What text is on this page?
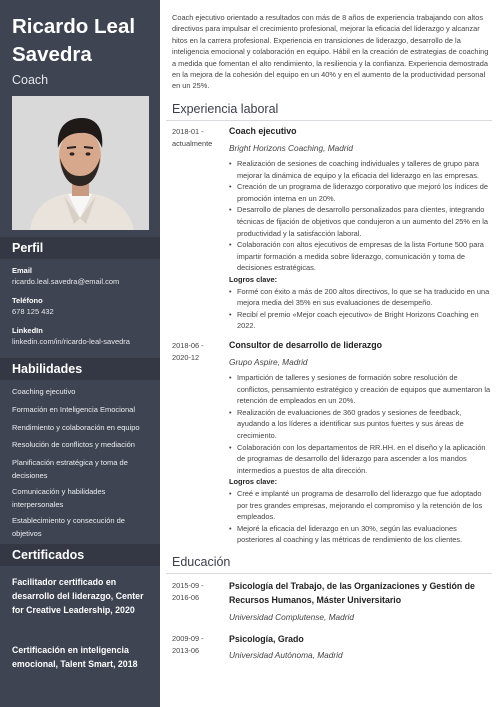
Ricardo Leal Savedra
Coach
Perfil
Email
ricardo.leal.savedra@email.com
Teléfono
678 125 432
LinkedIn
linkedin.com/in/ricardo-leal-savedra
Habilidades
Coaching ejecutivo
Formación en Inteligencia Emocional
Rendimiento y colaboración en equipo
Resolución de conflictos y mediación
Planificación estratégica y toma de decisiones
Comunicación y habilidades interpersonales
Establecimiento y consecución de objetivos
Certificados
Facilitador certificado en desarrollo del liderazgo, Center for Creative Leadership, 2020
Certificación en inteligencia emocional, Talent Smart, 2018
Coach ejecutivo orientado a resultados con más de 8 años de experiencia trabajando con altos directivos para impulsar el crecimiento profesional, mejorar la eficacia del liderazgo y alcanzar hitos en la carrera profesional. Experiencia en transiciones de liderazgo, desarrollo de la inteligencia emocional y colaboración en equipo. Hábil en la creación de estrategias de coaching a medida que fomentan el alto rendimiento, la resiliencia y la confianza. Experiencia demostrada en la mejora de la cohesión del equipo en un 40% y en el aumento de la productividad personal en un 25%.
Experiencia laboral
2018-01 - actualmente
Coach ejecutivo
Bright Horizons Coaching, Madrid
• Realización de sesiones de coaching individuales y talleres de grupo para mejorar la dinámica de equipo y la eficacia del liderazgo en las empresas.
• Creación de un programa de liderazgo corporativo que mejoró los índices de promoción interna en un 20%.
• Desarrollo de planes de desarrollo personalizados para clientes, integrando técnicas de fijación de objetivos que condujeron a un aumento del 25% en la productividad y la satisfacción laboral.
• Colaboración con altos ejecutivos de empresas de la lista Fortune 500 para impartir formación a medida sobre liderazgo, comunicación y toma de decisiones estratégicas.
Logros clave:
• Formé con éxito a más de 200 altos directivos, lo que se ha traducido en una mejora media del 35% en sus evaluaciones de desempeño.
• Recibí el premio «Mejor coach ejecutivo» de Bright Horizons Coaching en 2022.
2018-06 - 2020-12
Consultor de desarrollo de liderazgo
Grupo Aspire, Madrid
• Impartición de talleres y sesiones de formación sobre resolución de conflictos, pensamiento estratégico y creación de equipos que aumentaron la retención de empleados en un 20%.
• Realización de evaluaciones de 360 grados y sesiones de feedback, ayudando a los líderes a identificar sus puntos fuertes y sus áreas de crecimiento.
• Colaboración con los departamentos de RR.HH. en el diseño y la aplicación de programas de desarrollo del liderazgo para ascender a los mandos intermedios a puestos de alta dirección.
Logros clave:
• Creé e implanté un programa de desarrollo del liderazgo que fue adoptado por tres grandes empresas, mejorando el compromiso y la retención de los empleados.
• Mejoré la eficacia del liderazgo en un 30%, según las evaluaciones posteriores al coaching y las métricas de rendimiento de los clientes.
Educación
2015-09 - 2016-06
Psicología del Trabajo, de las Organizaciones y Gestión de Recursos Humanos, Máster Universitario
Universidad Complutense, Madrid
2009-09 - 2013-06
Psicología, Grado
Universidad Autónoma, Madrid
